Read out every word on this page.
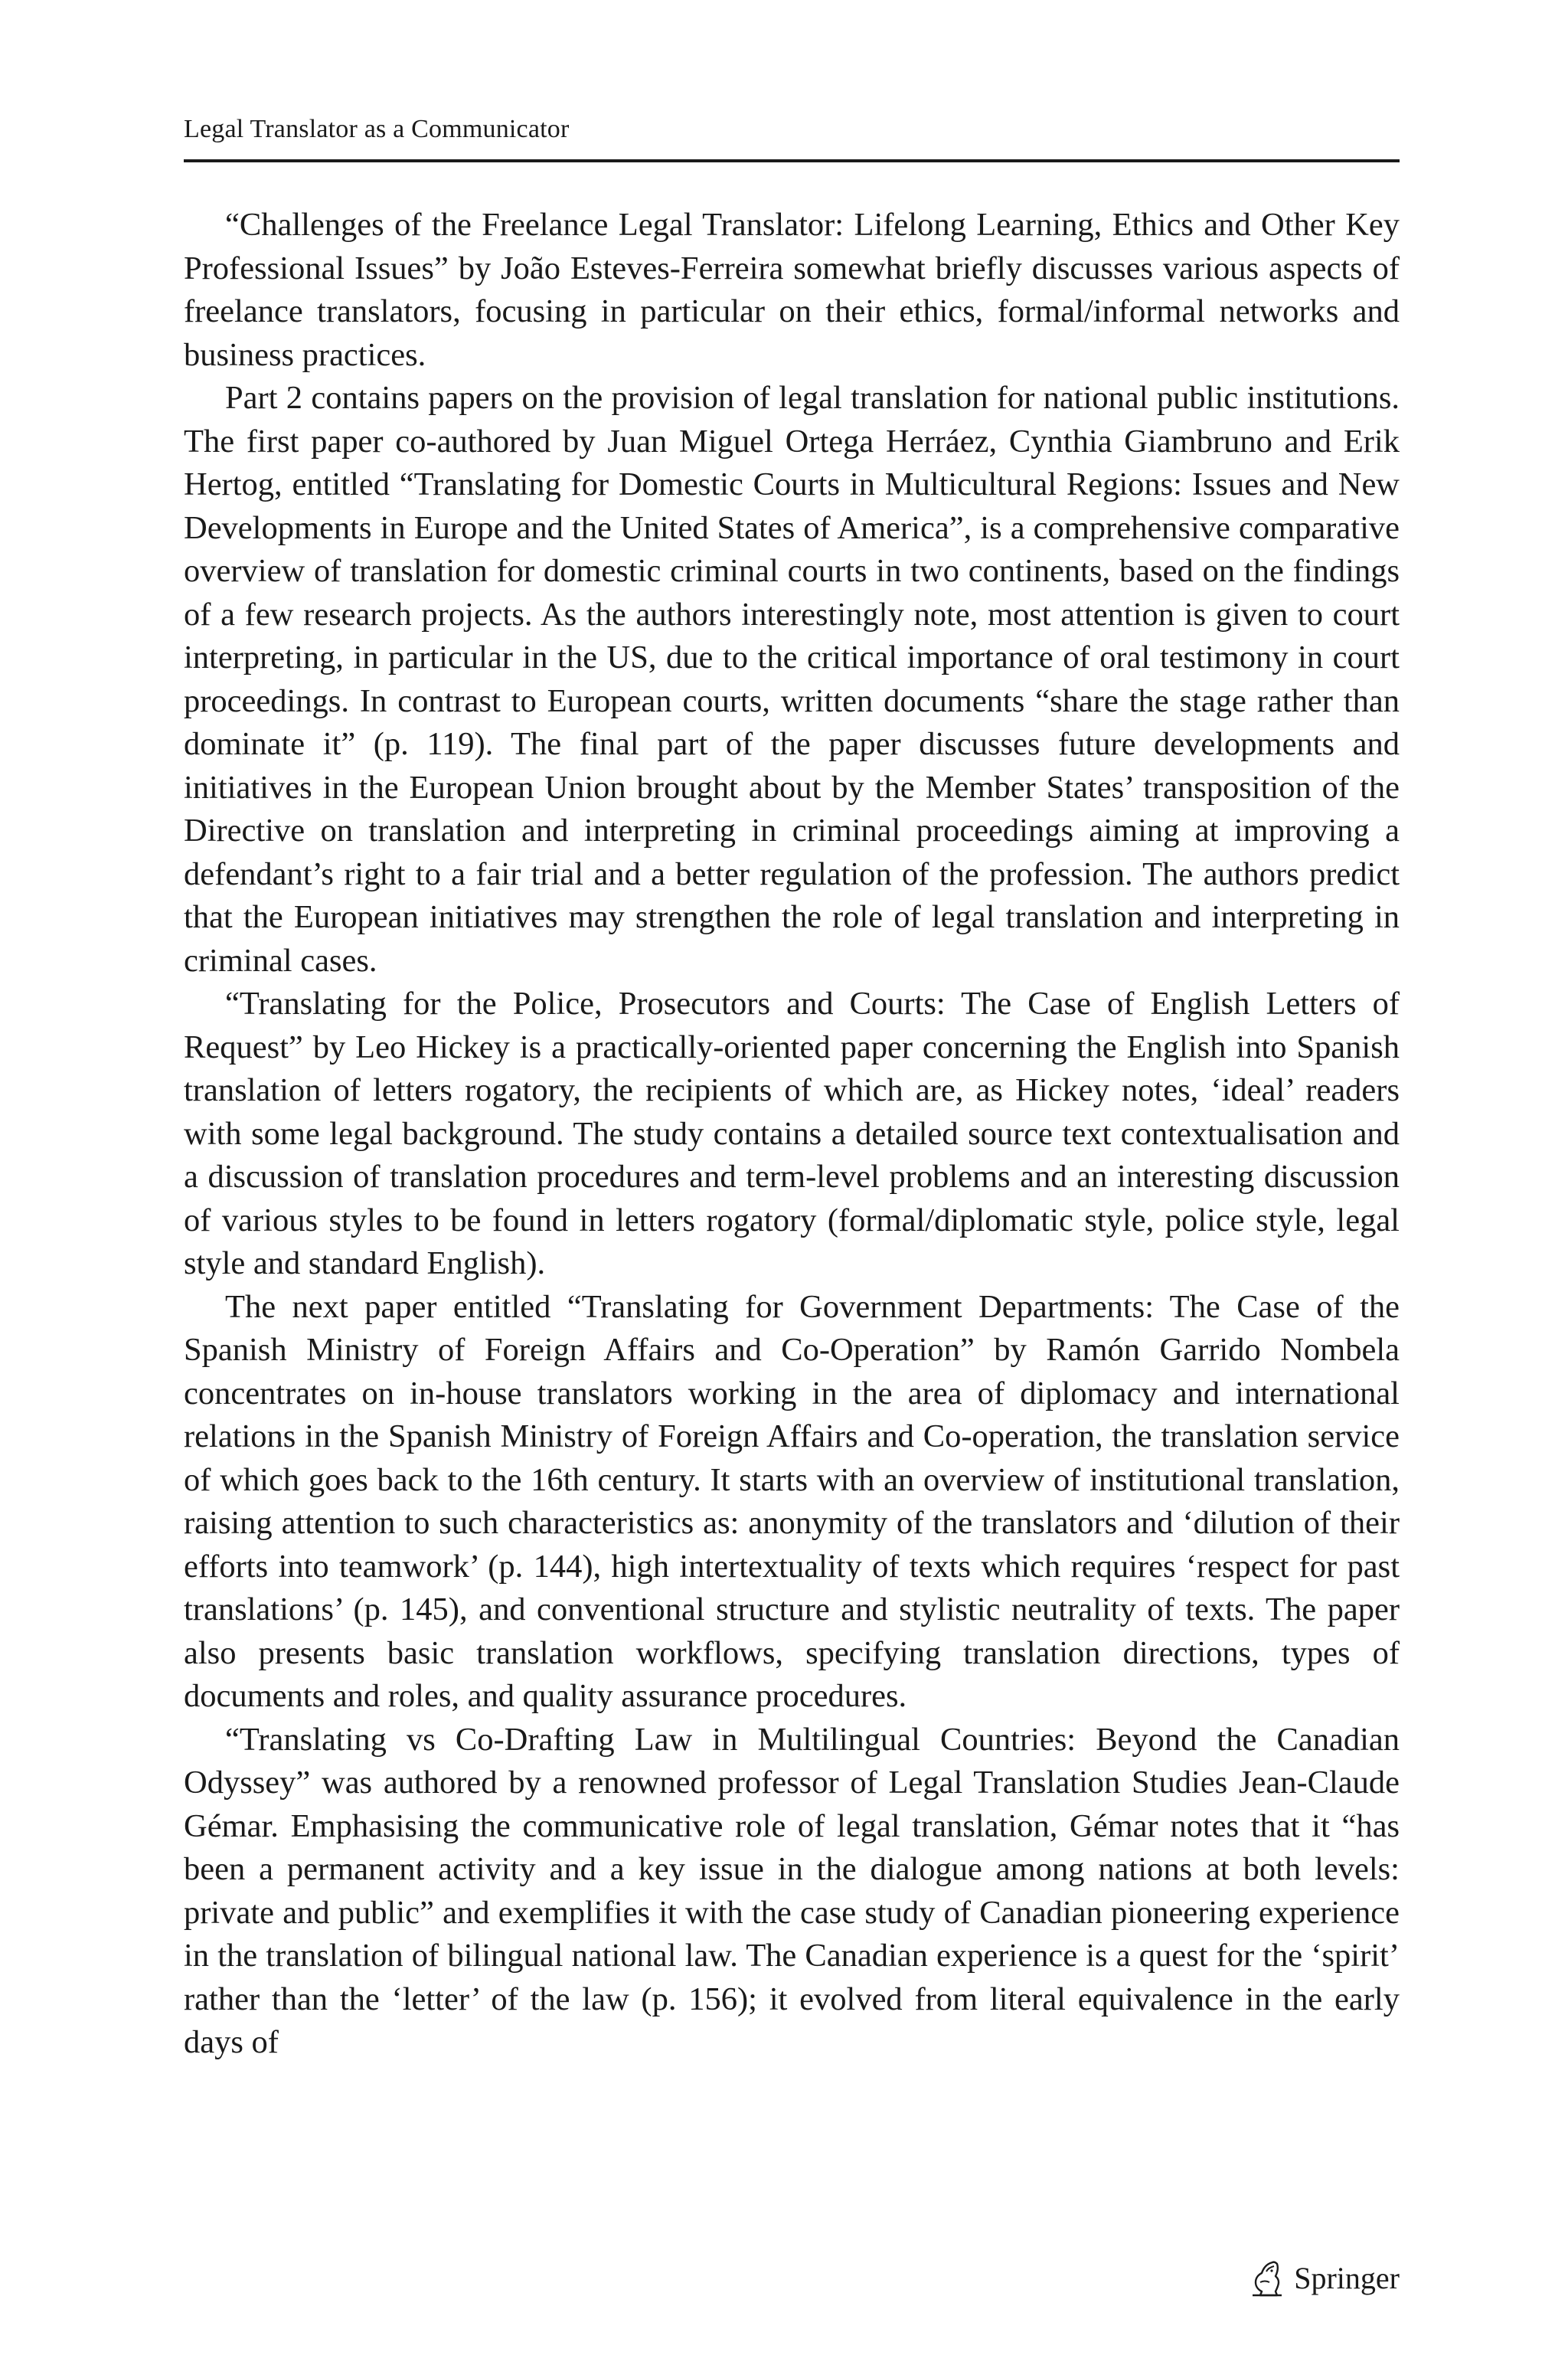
Legal Translator as a Communicator

“Challenges of the Freelance Legal Translator: Lifelong Learning, Ethics and Other Key Professional Issues” by João Esteves-Ferreira somewhat briefly discusses various aspects of freelance translators, focusing in particular on their ethics, formal/informal networks and business practices.

Part 2 contains papers on the provision of legal translation for national public institutions. The first paper co-authored by Juan Miguel Ortega Herráez, Cynthia Giambruno and Erik Hertog, entitled “Translating for Domestic Courts in Multicultural Regions: Issues and New Developments in Europe and the United States of America”, is a comprehensive comparative overview of translation for domestic criminal courts in two continents, based on the findings of a few research projects. As the authors interestingly note, most attention is given to court interpreting, in particular in the US, due to the critical importance of oral testimony in court proceedings. In contrast to European courts, written documents “share the stage rather than dominate it” (p. 119). The final part of the paper discusses future developments and initiatives in the European Union brought about by the Member States’ transposition of the Directive on translation and interpreting in criminal proceedings aiming at improving a defendant’s right to a fair trial and a better regulation of the profession. The authors predict that the European initiatives may strengthen the role of legal translation and interpreting in criminal cases.

“Translating for the Police, Prosecutors and Courts: The Case of English Letters of Request” by Leo Hickey is a practically-oriented paper concerning the English into Spanish translation of letters rogatory, the recipients of which are, as Hickey notes, ‘ideal’ readers with some legal background. The study contains a detailed source text contextualisation and a discussion of translation procedures and term-level problems and an interesting discussion of various styles to be found in letters rogatory (formal/diplomatic style, police style, legal style and standard English).

The next paper entitled “Translating for Government Departments: The Case of the Spanish Ministry of Foreign Affairs and Co-Operation” by Ramón Garrido Nombela concentrates on in-house translators working in the area of diplomacy and international relations in the Spanish Ministry of Foreign Affairs and Co-operation, the translation service of which goes back to the 16th century. It starts with an overview of institutional translation, raising attention to such characteristics as: anonymity of the translators and ‘dilution of their efforts into teamwork’ (p. 144), high intertextuality of texts which requires ‘respect for past translations’ (p. 145), and conventional structure and stylistic neutrality of texts. The paper also presents basic translation workflows, specifying translation directions, types of documents and roles, and quality assurance procedures.

“Translating vs Co-Drafting Law in Multilingual Countries: Beyond the Canadian Odyssey” was authored by a renowned professor of Legal Translation Studies Jean-Claude Gémar. Emphasising the communicative role of legal translation, Gémar notes that it “has been a permanent activity and a key issue in the dialogue among nations at both levels: private and public” and exemplifies it with the case study of Canadian pioneering experience in the translation of bilingual national law. The Canadian experience is a quest for the ‘spirit’ rather than the ‘letter’ of the law (p. 156); it evolved from literal equivalence in the early days of

Springer
